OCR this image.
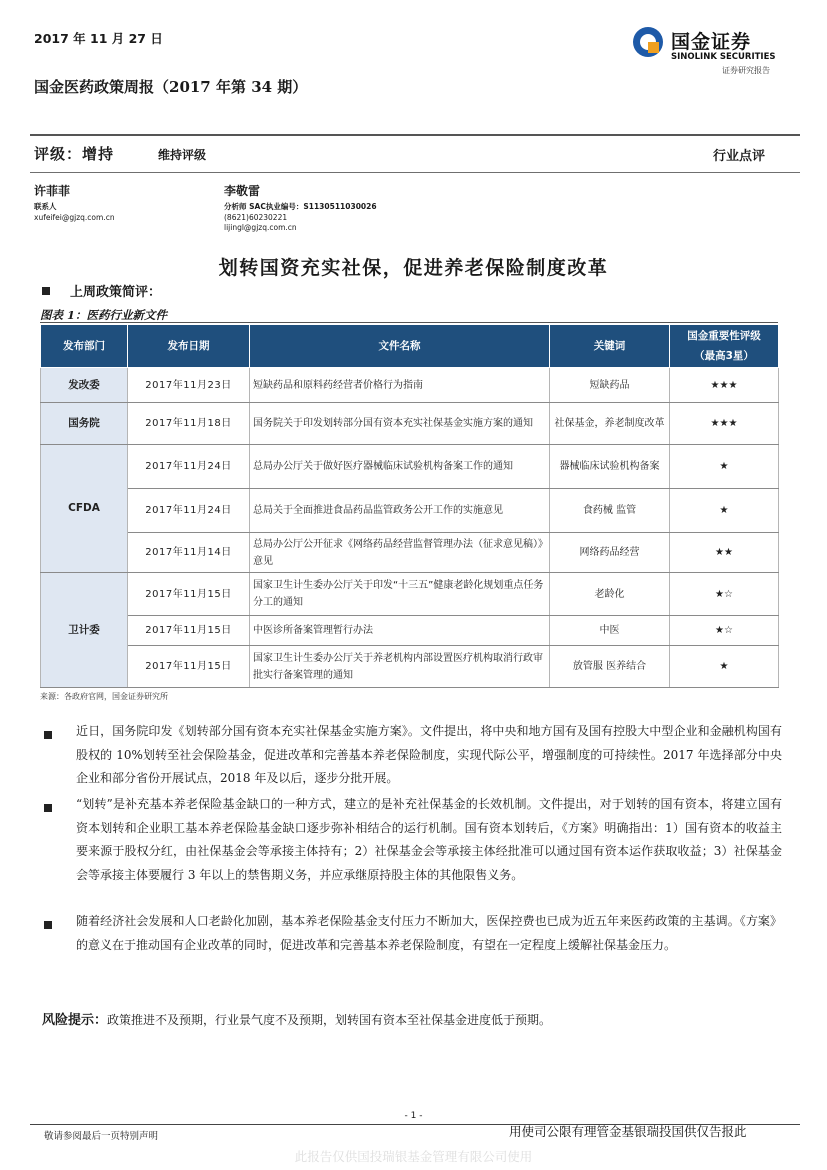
2017 年 11 月 27 日
国金医药政策周报（2017 年第 34 期）
国金证券
SINOLINK SECURITIES
证券研究报告
评级：增持	维持评级	行业点评
许菲菲
联系人
xufeifei@gjzq.com.cn
李敬雷
分析师 SAC执业编号：S1130511030026
(8621)60230221
lijingl@gjzq.com.cn
划转国资充实社保，促进养老保险制度改革
上周政策简评：
图表 1：医药行业新文件
发布部门	发布日期	文件名称	关键词	国金重要性评级
（最高3星）
发改委	2017年11月23日	短缺药品和原料药经营者价格行为指南	短缺药品	★★★
国务院	2017年11月18日	国务院关于印发划转部分国有资本充实社保基金实施方案的通知	社保基金，养老制度改革	★★★
CFDA	2017年11月24日	总局办公厅关于做好医疗器械临床试验机构备案工作的通知	器械临床试验机构备案	★
	2017年11月24日	总局关于全面推进食品药品监管政务公开工作的实施意见	食药械 监管	★
	2017年11月14日	总局办公厅公开征求《网络药品经营监督管理办法（征求意见稿）》意见	网络药品经营	★★
卫计委	2017年11月15日	国家卫生计生委办公厅关于印发“十三五”健康老龄化规划重点任务分工的通知	老龄化	★☆
	2017年11月15日	中医诊所备案管理暂行办法	中医	★☆
	2017年11月15日	国家卫生计生委办公厅关于养老机构内部设置医疗机构取消行政审批实行备案管理的通知	放管服 医养结合	★
来源：各政府官网，国金证券研究所
近日，国务院印发《划转部分国有资本充实社保基金实施方案》。文件提出，将中央和地方国有及国有控股大中型企业和金融机构国有股权的 10%划转至社会保险基金，促进改革和完善基本养老保险制度，实现代际公平，增强制度的可持续性。2017 年选择部分中央企业和部分省份开展试点，2018 年及以后，逐步分批开展。
“划转”是补充基本养老保险基金缺口的一种方式，建立的是补充社保基金的长效机制。文件提出，对于划转的国有资本，将建立国有资本划转和企业职工基本养老保险基金缺口逐步弥补相结合的运行机制。国有资本划转后，《方案》明确指出：1）国有资本的收益主要来源于股权分红，由社保基金会等承接主体持有；2）社保基金会等承接主体经批准可以通过国有资本运作获取收益；3）社保基金会等承接主体要履行 3 年以上的禁售期义务，并应承继原持股主体的其他限售义务。
随着经济社会发展和人口老龄化加剧，基本养老保险基金支付压力不断加大，医保控费也已成为近五年来医药政策的主基调。《方案》的意义在于推动国有企业改革的同时，促进改革和完善基本养老保险制度，有望在一定程度上缓解社保基金压力。
风险提示：政策推进不及预期，行业景气度不及预期，划转国有资本至社保基金进度低于预期。
- 1 -
敬请参阅最后一页特别声明	用使司公限有理管金基银瑞投国供仅告报此
此报告仅供国投瑞银基金管理有限公司使用
